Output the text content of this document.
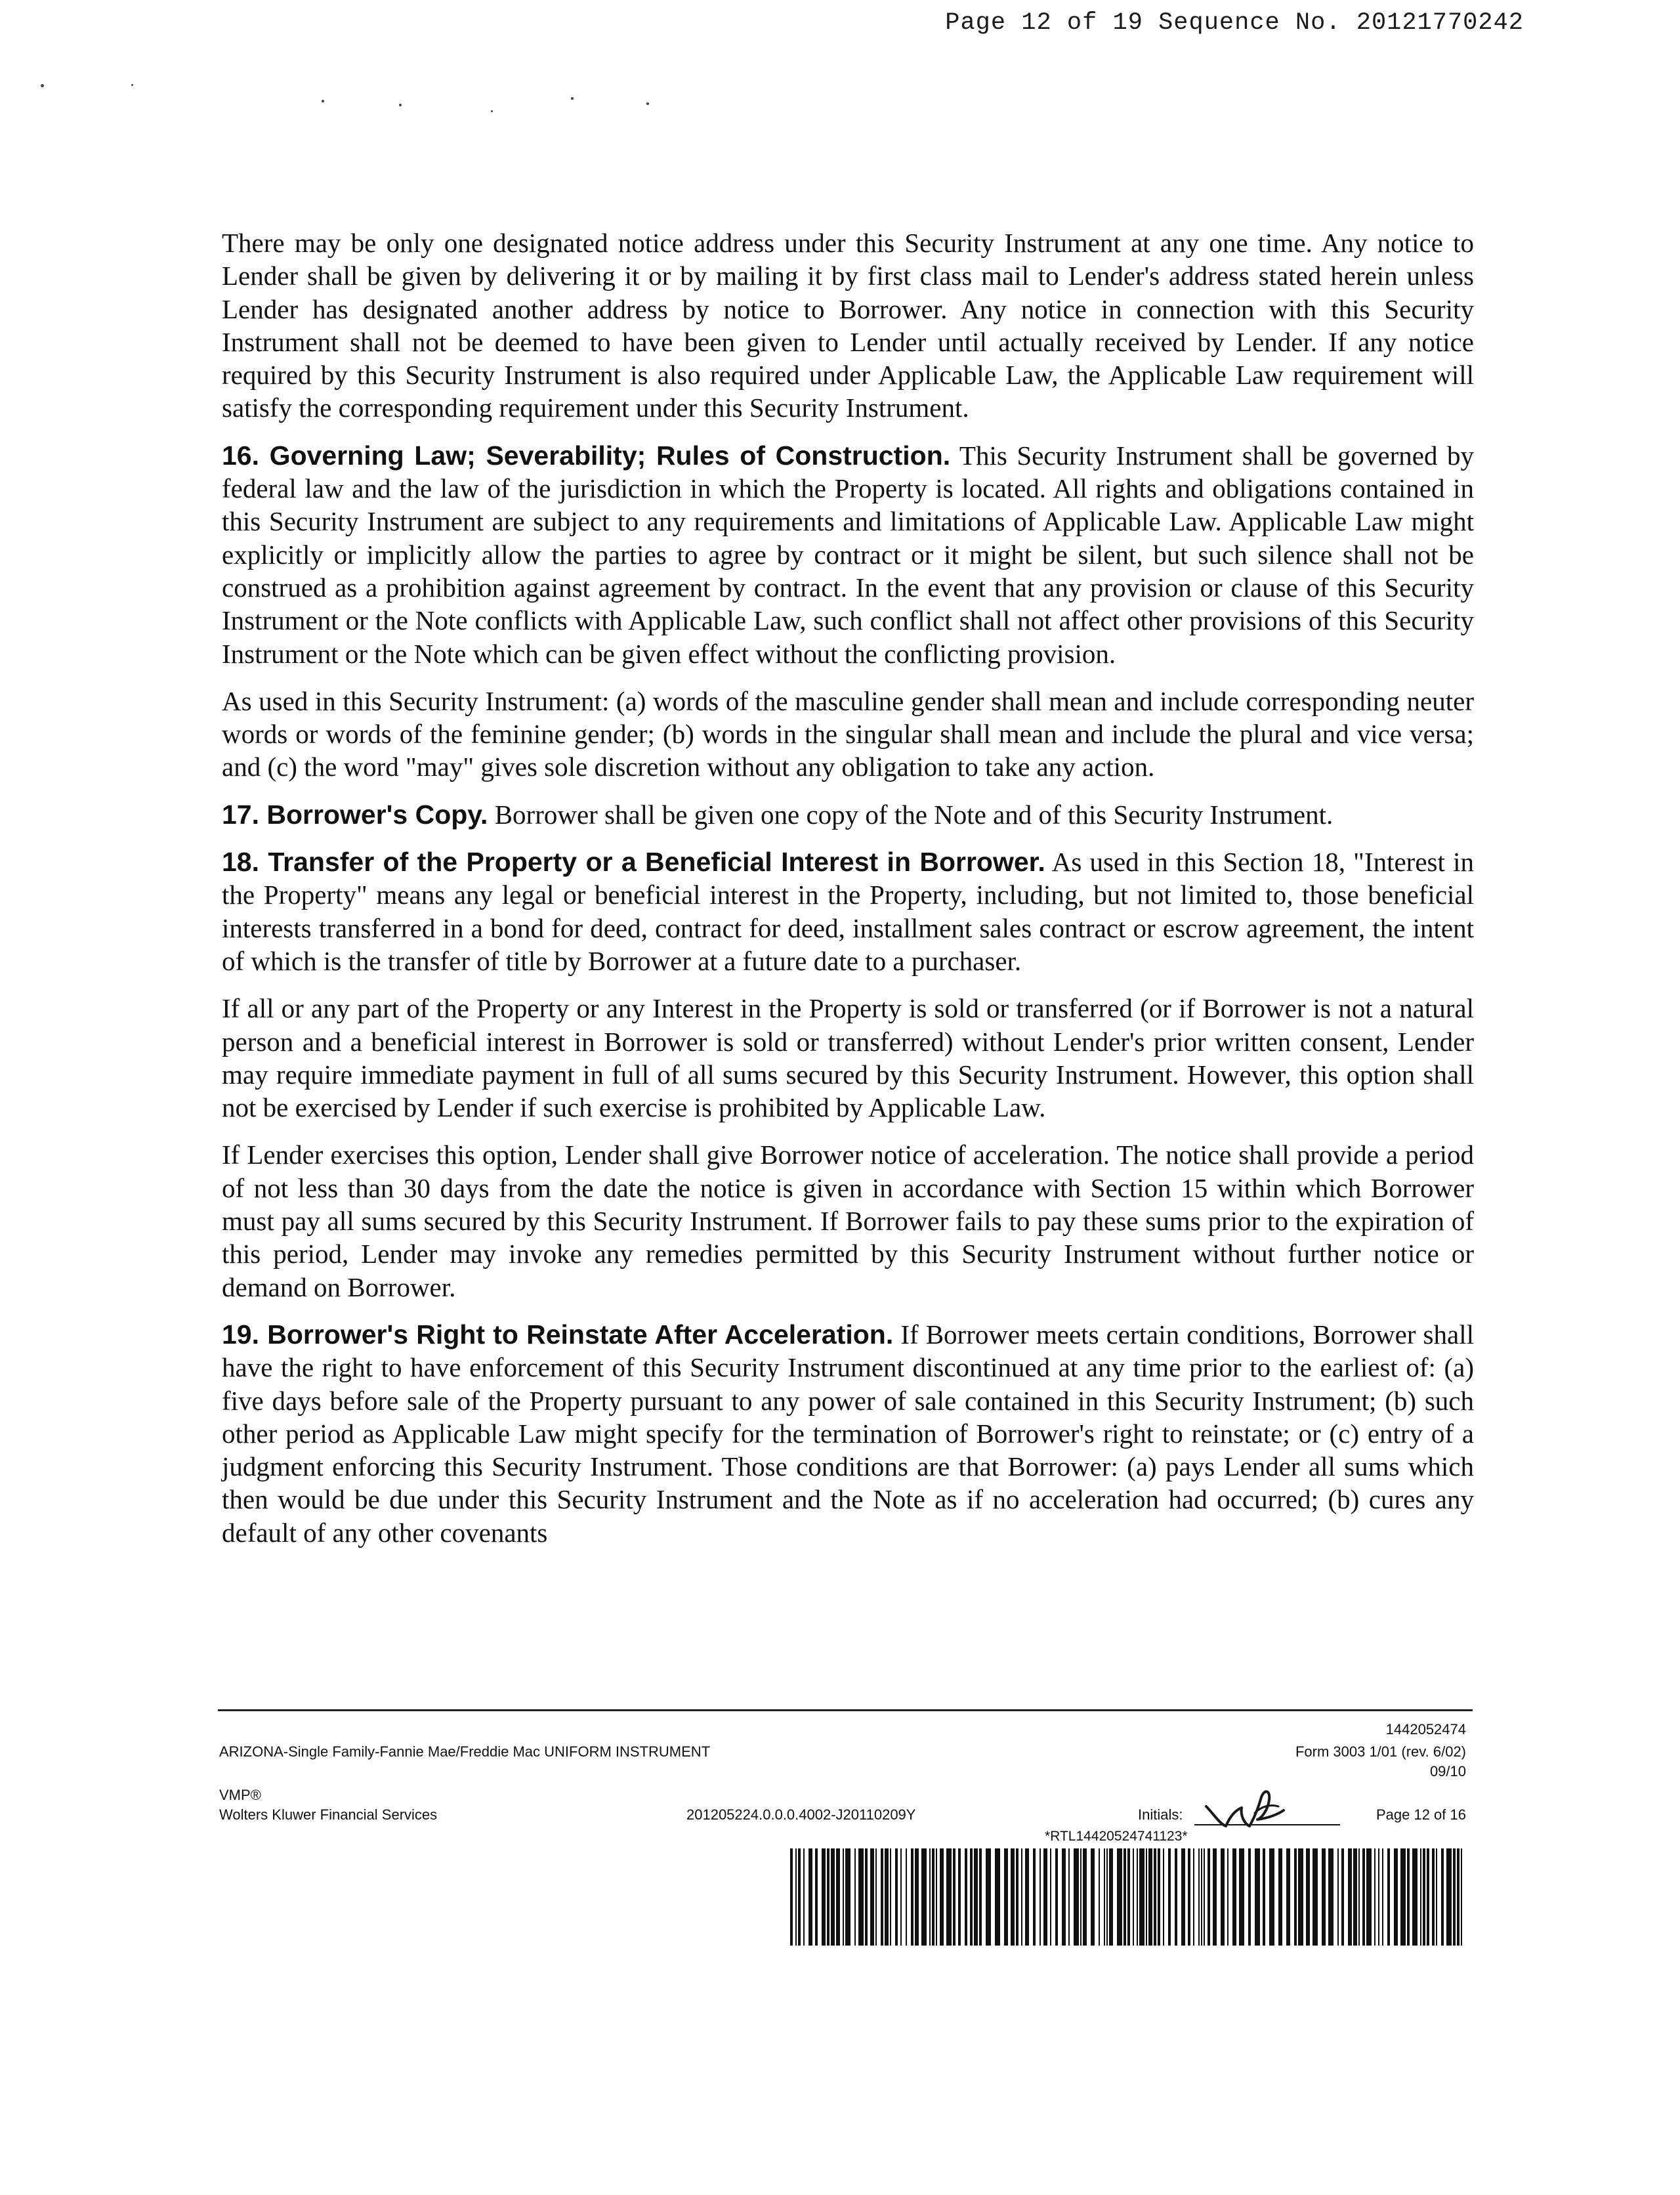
Page 12 of 19 Sequence No. 20121770242

There may be only one designated notice address under this Security Instrument at any one time. Any notice to Lender shall be given by delivering it or by mailing it by first class mail to Lender's address stated herein unless Lender has designated another address by notice to Borrower. Any notice in connection with this Security Instrument shall not be deemed to have been given to Lender until actually received by Lender. If any notice required by this Security Instrument is also required under Applicable Law, the Applicable Law requirement will satisfy the corresponding requirement under this Security Instrument.

16. Governing Law; Severability; Rules of Construction. This Security Instrument shall be governed by federal law and the law of the jurisdiction in which the Property is located. All rights and obligations contained in this Security Instrument are subject to any requirements and limitations of Applicable Law. Applicable Law might explicitly or implicitly allow the parties to agree by contract or it might be silent, but such silence shall not be construed as a prohibition against agreement by contract. In the event that any provision or clause of this Security Instrument or the Note conflicts with Applicable Law, such conflict shall not affect other provisions of this Security Instrument or the Note which can be given effect without the conflicting provision.

As used in this Security Instrument: (a) words of the masculine gender shall mean and include corresponding neuter words or words of the feminine gender; (b) words in the singular shall mean and include the plural and vice versa; and (c) the word "may" gives sole discretion without any obligation to take any action.

17. Borrower's Copy. Borrower shall be given one copy of the Note and of this Security Instrument.

18. Transfer of the Property or a Beneficial Interest in Borrower. As used in this Section 18, "Interest in the Property" means any legal or beneficial interest in the Property, including, but not limited to, those beneficial interests transferred in a bond for deed, contract for deed, installment sales contract or escrow agreement, the intent of which is the transfer of title by Borrower at a future date to a purchaser.

If all or any part of the Property or any Interest in the Property is sold or transferred (or if Borrower is not a natural person and a beneficial interest in Borrower is sold or transferred) without Lender's prior written consent, Lender may require immediate payment in full of all sums secured by this Security Instrument. However, this option shall not be exercised by Lender if such exercise is prohibited by Applicable Law.

If Lender exercises this option, Lender shall give Borrower notice of acceleration. The notice shall provide a period of not less than 30 days from the date the notice is given in accordance with Section 15 within which Borrower must pay all sums secured by this Security Instrument. If Borrower fails to pay these sums prior to the expiration of this period, Lender may invoke any remedies permitted by this Security Instrument without further notice or demand on Borrower.

19. Borrower's Right to Reinstate After Acceleration. If Borrower meets certain conditions, Borrower shall have the right to have enforcement of this Security Instrument discontinued at any time prior to the earliest of: (a) five days before sale of the Property pursuant to any power of sale contained in this Security Instrument; (b) such other period as Applicable Law might specify for the termination of Borrower's right to reinstate; or (c) entry of a judgment enforcing this Security Instrument. Those conditions are that Borrower: (a) pays Lender all sums which then would be due under this Security Instrument and the Note as if no acceleration had occurred; (b) cures any default of any other covenants

1442052474
ARIZONA-Single Family-Fannie Mae/Freddie Mac UNIFORM INSTRUMENT	Form 3003 1/01 (rev. 6/02)
09/10
VMP®
Wolters Kluwer Financial Services	201205224.0.0.0.4002-J20110209Y	Initials:	Page 12 of 16
*RTL14420524741123*
